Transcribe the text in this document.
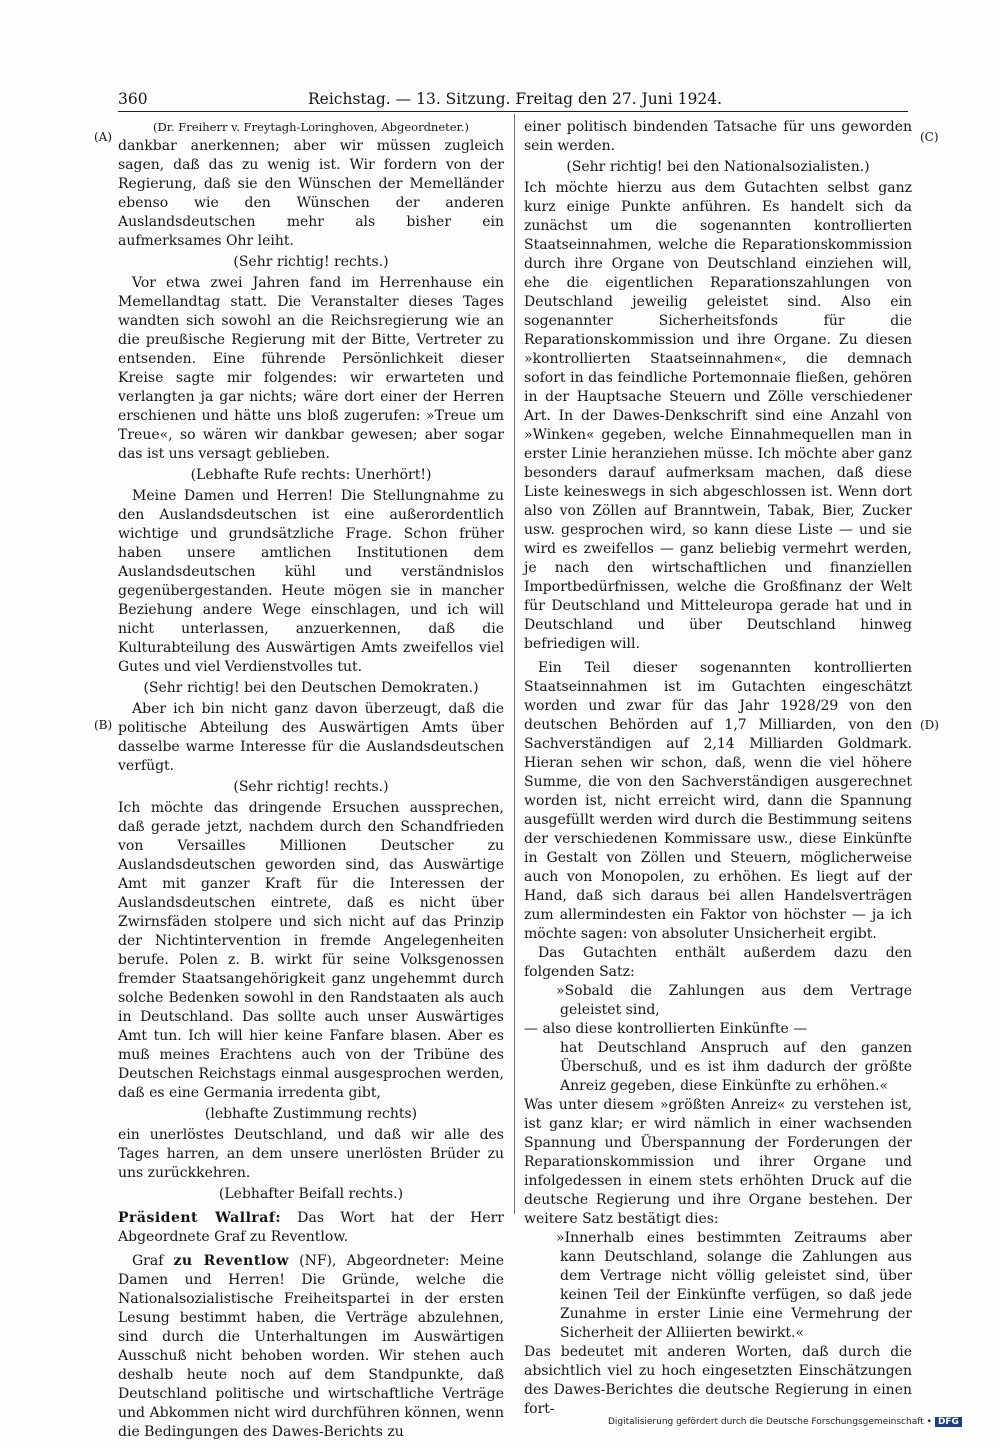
360	Reichstag. — 13. Sitzung. Freitag den 27. Juni 1924.
(A)
(B)
(C)
(D)

(Dr. Freiherr v. Freytagh-Loringhoven, Abgeordneter.)

dankbar anerkennen; aber wir müssen zugleich sagen, daß das zu wenig ist. Wir fordern von der Regierung, daß sie den Wünschen der Memelländer ebenso wie den Wünschen der anderen Auslandsdeutschen mehr als bisher ein aufmerksames Ohr leiht.

(Sehr richtig! rechts.)

Vor etwa zwei Jahren fand im Herrenhause ein Memellandtag statt. Die Veranstalter dieses Tages wandten sich sowohl an die Reichsregierung wie an die preußische Regierung mit der Bitte, Vertreter zu entsenden. Eine führende Persönlichkeit dieser Kreise sagte mir folgendes: wir erwarteten und verlangten ja gar nichts; wäre dort einer der Herren erschienen und hätte uns bloß zugerufen: »Treue um Treue«, so wären wir dankbar gewesen; aber sogar das ist uns versagt geblieben.

(Lebhafte Rufe rechts: Unerhört!)

Meine Damen und Herren! Die Stellungnahme zu den Auslandsdeutschen ist eine außerordentlich wichtige und grundsätzliche Frage. Schon früher haben unsere amtlichen Institutionen dem Auslandsdeutschen kühl und verständnislos gegenübergestanden. Heute mögen sie in mancher Beziehung andere Wege einschlagen, und ich will nicht unterlassen, anzuerkennen, daß die Kulturabteilung des Auswärtigen Amts zweifellos viel Gutes und viel Verdienstvolles tut.

(Sehr richtig! bei den Deutschen Demokraten.)

Aber ich bin nicht ganz davon überzeugt, daß die politische Abteilung des Auswärtigen Amts über dasselbe warme Interesse für die Auslandsdeutschen verfügt.

(Sehr richtig! rechts.)

Ich möchte das dringende Ersuchen aussprechen, daß gerade jetzt, nachdem durch den Schandfrieden von Versailles Millionen Deutscher zu Auslandsdeutschen geworden sind, das Auswärtige Amt mit ganzer Kraft für die Interessen der Auslandsdeutschen eintrete, daß es nicht über Zwirnsfäden stolpere und sich nicht auf das Prinzip der Nichtintervention in fremde Angelegenheiten berufe. Polen z. B. wirkt für seine Volksgenossen fremder Staatsangehörigkeit ganz ungehemmt durch solche Bedenken sowohl in den Randstaaten als auch in Deutschland. Das sollte auch unser Auswärtiges Amt tun. Ich will hier keine Fanfare blasen. Aber es muß meines Erachtens auch von der Tribüne des Deutschen Reichstags einmal ausgesprochen werden, daß es eine Germania irredenta gibt,

(lebhafte Zustimmung rechts)

ein unerlöstes Deutschland, und daß wir alle des Tages harren, an dem unsere unerlösten Brüder zu uns zurückkehren.

(Lebhafter Beifall rechts.)

Präsident Wallraf: Das Wort hat der Herr Abgeordnete Graf zu Reventlow.

Graf zu Reventlow (NF), Abgeordneter: Meine Damen und Herren! Die Gründe, welche die Nationalsozialistische Freiheitspartei in der ersten Lesung bestimmt haben, die Verträge abzulehnen, sind durch die Unterhaltungen im Auswärtigen Ausschuß nicht behoben worden. Wir stehen auch deshalb heute noch auf dem Standpunkte, daß Deutschland politische und wirtschaftliche Verträge und Abkommen nicht wird durchführen können, wenn die Bedingungen des Dawes-Berichts zu

einer politisch bindenden Tatsache für uns geworden sein werden.

(Sehr richtig! bei den Nationalsozialisten.)

Ich möchte hierzu aus dem Gutachten selbst ganz kurz einige Punkte anführen. Es handelt sich da zunächst um die sogenannten kontrollierten Staatseinnahmen, welche die Reparationskommission durch ihre Organe von Deutschland einziehen will, ehe die eigentlichen Reparationszahlungen von Deutschland jeweilig geleistet sind. Also ein sogenannter Sicherheitsfonds für die Reparationskommission und ihre Organe. Zu diesen »kontrollierten Staatseinnahmen«, die demnach sofort in das feindliche Portemonnaie fließen, gehören in der Hauptsache Steuern und Zölle verschiedener Art. In der Dawes-Denkschrift sind eine Anzahl von »Winken« gegeben, welche Einnahmequellen man in erster Linie heranziehen müsse. Ich möchte aber ganz besonders darauf aufmerksam machen, daß diese Liste keineswegs in sich abgeschlossen ist. Wenn dort also von Zöllen auf Branntwein, Tabak, Bier, Zucker usw. gesprochen wird, so kann diese Liste — und sie wird es zweifellos — ganz beliebig vermehrt werden, je nach den wirtschaftlichen und finanziellen Importbedürfnissen, welche die Großfinanz der Welt für Deutschland und Mitteleuropa gerade hat und in Deutschland und über Deutschland hinweg befriedigen will.

Ein Teil dieser sogenannten kontrollierten Staatseinnahmen ist im Gutachten eingeschätzt worden und zwar für das Jahr 1928/29 von den deutschen Behörden auf 1,7 Milliarden, von den Sachverständigen auf 2,14 Milliarden Goldmark. Hieran sehen wir schon, daß, wenn die viel höhere Summe, die von den Sachverständigen ausgerechnet worden ist, nicht erreicht wird, dann die Spannung ausgefüllt werden wird durch die Bestimmung seitens der verschiedenen Kommissare usw., diese Einkünfte in Gestalt von Zöllen und Steuern, möglicherweise auch von Monopolen, zu erhöhen. Es liegt auf der Hand, daß sich daraus bei allen Handelsverträgen zum allermindesten ein Faktor von höchster — ja ich möchte sagen: von absoluter Unsicherheit ergibt.

Das Gutachten enthält außerdem dazu den folgenden Satz:

»Sobald die Zahlungen aus dem Vertrage geleistet sind,

— also diese kontrollierten Einkünfte —

hat Deutschland Anspruch auf den ganzen Überschuß, und es ist ihm dadurch der größte Anreiz gegeben, diese Einkünfte zu erhöhen.«

Was unter diesem »größten Anreiz« zu verstehen ist, ist ganz klar; er wird nämlich in einer wachsenden Spannung und Überspannung der Forderungen der Reparationskommission und ihrer Organe und infolgedessen in einem stets erhöhten Druck auf die deutsche Regierung und ihre Organe bestehen. Der weitere Satz bestätigt dies:

»Innerhalb eines bestimmten Zeitraums aber kann Deutschland, solange die Zahlungen aus dem Vertrage nicht völlig geleistet sind, über keinen Teil der Einkünfte verfügen, so daß jede Zunahme in erster Linie eine Vermehrung der Sicherheit der Alliierten bewirkt.«

Das bedeutet mit anderen Worten, daß durch die absichtlich viel zu hoch eingesetzten Einschätzungen des Dawes-Berichtes die deutsche Regierung in einen fort-

Digitalisierung gefördert durch die Deutsche Forschungsgemeinschaft • DFG
